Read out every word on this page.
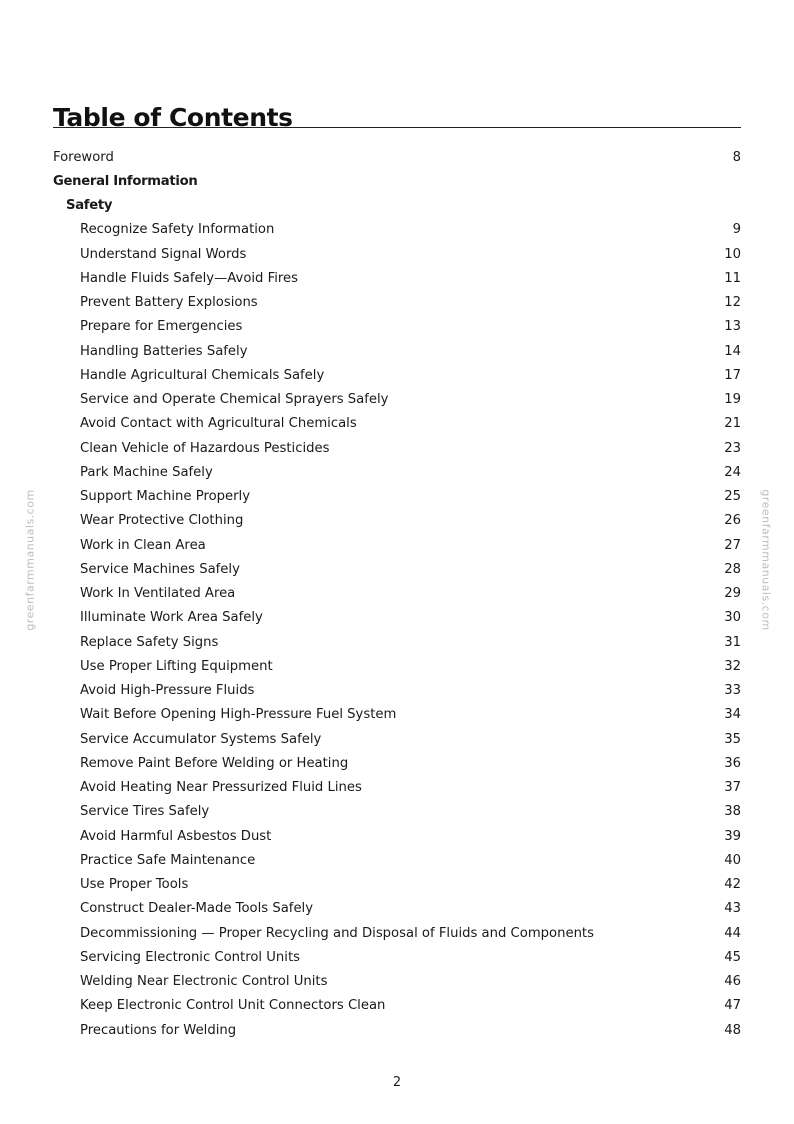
Table of Contents
Foreword	8
General Information
Safety
Recognize Safety Information	9
Understand Signal Words	10
Handle Fluids Safely—Avoid Fires	11
Prevent Battery Explosions	12
Prepare for Emergencies	13
Handling Batteries Safely	14
Handle Agricultural Chemicals Safely	17
Service and Operate Chemical Sprayers Safely	19
Avoid Contact with Agricultural Chemicals	21
Clean Vehicle of Hazardous Pesticides	23
Park Machine Safely	24
Support Machine Properly	25
Wear Protective Clothing	26
Work in Clean Area	27
Service Machines Safely	28
Work In Ventilated Area	29
Illuminate Work Area Safely	30
Replace Safety Signs	31
Use Proper Lifting Equipment	32
Avoid High-Pressure Fluids	33
Wait Before Opening High-Pressure Fuel System	34
Service Accumulator Systems Safely	35
Remove Paint Before Welding or Heating	36
Avoid Heating Near Pressurized Fluid Lines	37
Service Tires Safely	38
Avoid Harmful Asbestos Dust	39
Practice Safe Maintenance	40
Use Proper Tools	42
Construct Dealer-Made Tools Safely	43
Decommissioning — Proper Recycling and Disposal of Fluids and Components	44
Servicing Electronic Control Units	45
Welding Near Electronic Control Units	46
Keep Electronic Control Unit Connectors Clean	47
Precautions for Welding	48
greenfarmmanuals.com	greenfarmmanuals.com
2
